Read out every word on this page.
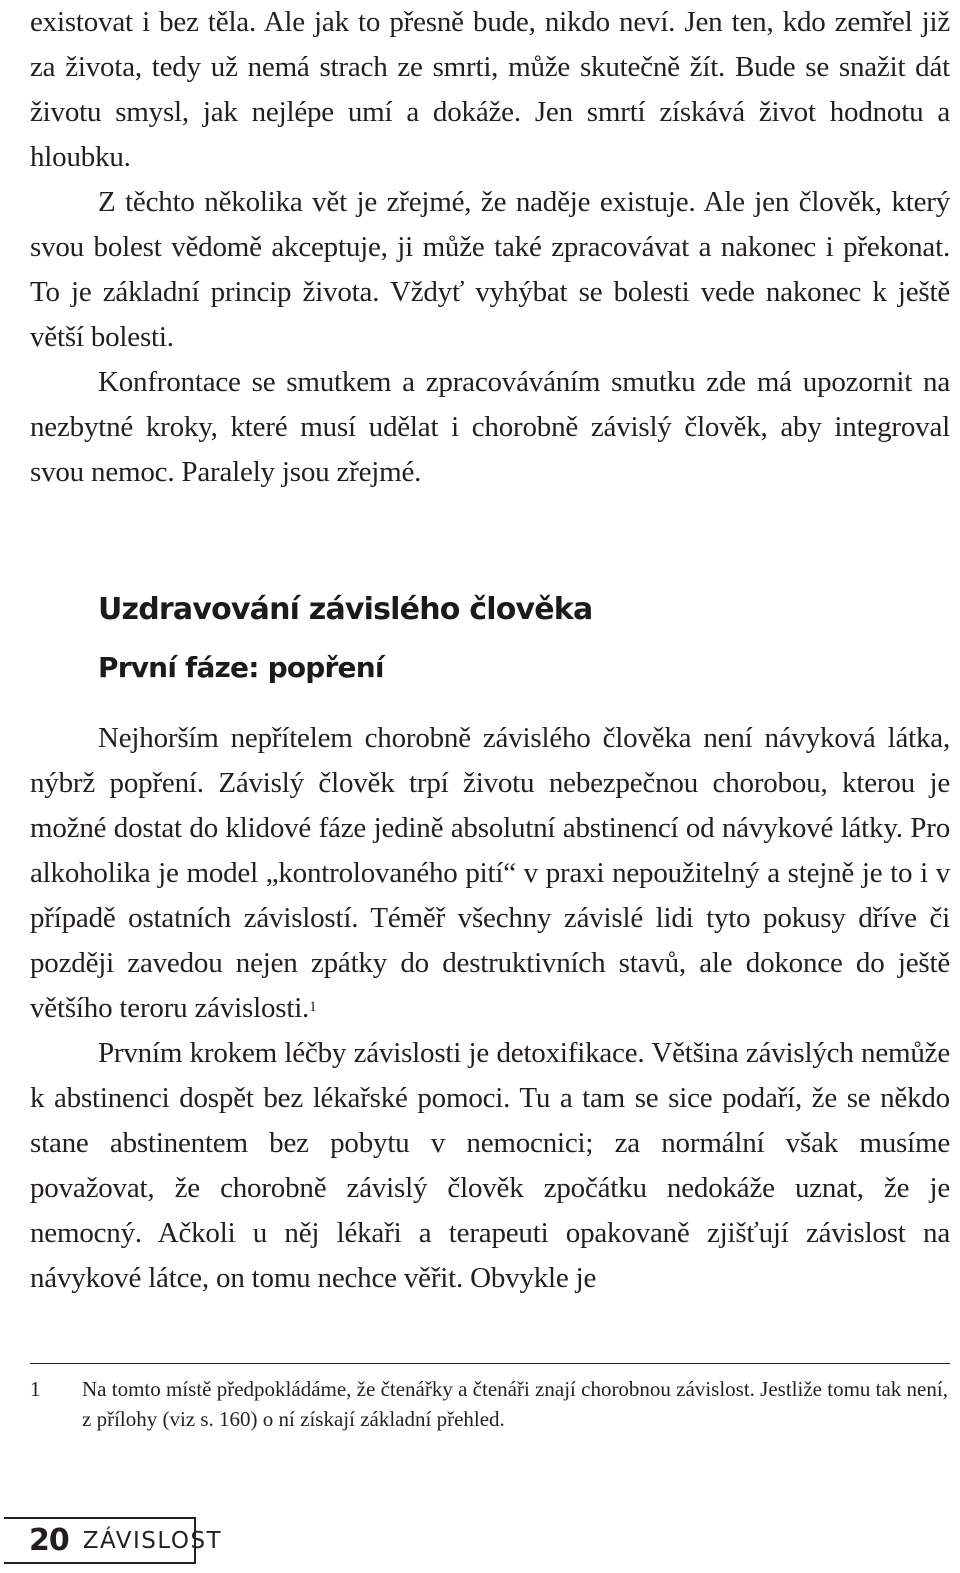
existovat i bez těla. Ale jak to přesně bude, nikdo neví. Jen ten, kdo zemřel již za života, tedy už nemá strach ze smrti, může skutečně žít. Bude se snažit dát životu smysl, jak nejlépe umí a dokáže. Jen smrtí získává život hodnotu a hloubku.

Z těchto několika vět je zřejmé, že naděje existuje. Ale jen člověk, který svou bolest vědomě akceptuje, ji může také zpracovávat a nakonec i překonat. To je základní princip života. Vždyť vyhýbat se bolesti vede nakonec k ještě větší bolesti.

Konfrontace se smutkem a zpracováváním smutku zde má upozornit na nezbytné kroky, které musí udělat i chorobně závislý člověk, aby integroval svou nemoc. Paralely jsou zřejmé.

Uzdravování závislého člověka
První fáze: popření

Nejhorším nepřítelem chorobně závislého člověka není návyková látka, nýbrž popření. Závislý člověk trpí životu nebezpečnou chorobou, kterou je možné dostat do klidové fáze jedině absolutní abstinencí od návykové látky. Pro alkoholika je model „kontrolovaného pití“ v praxi nepoužitelný a stejně je to i v případě ostatních závislostí. Téměř všechny závislé lidi tyto pokusy dříve či později zavedou nejen zpátky do destruktivních stavů, ale dokonce do ještě většího teroru závislosti.$^1$

Prvním krokem léčby závislosti je detoxifikace. Většina závislých nemůže k abstinenci dospět bez lékařské pomoci. Tu a tam se sice podaří, že se někdo stane abstinentem bez pobytu v nemocnici; za normální však musíme považovat, že chorobně závislý člověk zpočátku nedokáže uznat, že je nemocný. Ačkoli u něj lékaři a terapeuti opakovaně zjišťují závislost na návykové látce, on tomu nechce věřit. Obvykle je

1 Na tomto místě předpokládáme, že čtenářky a čtenáři znají chorobnou závislost. Jestliže tomu tak není, z přílohy (viz s. 160) o ní získají základní přehled.
20 ZÁVISLOST
